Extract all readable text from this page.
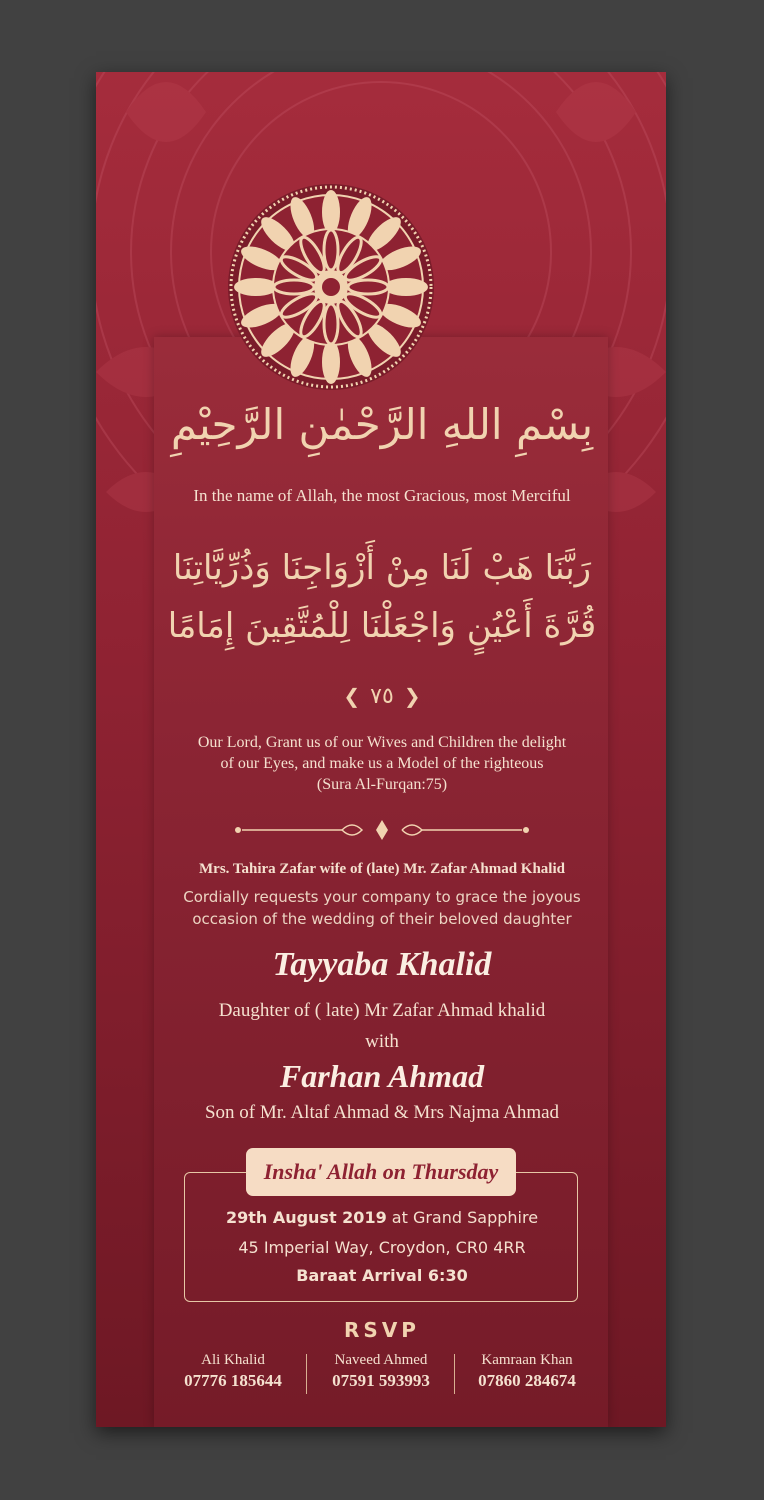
بِسْمِ اللهِ الرَّحْمٰنِ الرَّحِيْمِ
In the name of Allah, the most Gracious, most Merciful
رَبَّنَا هَبْ لَنَا مِنْ أَزْوَاجِنَا وَذُرِّيَّاتِنَا
قُرَّةَ أَعْيُنٍ وَاجْعَلْنَا لِلْمُتَّقِينَ إِمَامًا
❮ ٧٥ ❯
Our Lord, Grant us of our Wives and Children the delight
of our Eyes, and make us a Model of the righteous
(Sura Al-Furqan:75)
Mrs. Tahira Zafar wife of (late) Mr. Zafar Ahmad Khalid
Cordially requests your company to grace the joyous
occasion of the wedding of their beloved daughter
Tayyaba Khalid
Daughter of ( late) Mr Zafar Ahmad khalid
with
Farhan Ahmad
Son of Mr. Altaf Ahmad & Mrs Najma Ahmad
Insha' Allah on Thursday
29th August 2019 at Grand Sapphire
45 Imperial Way, Croydon, CR0 4RR
Baraat Arrival 6:30
RSVP
Ali Khalid
07776 185644
Naveed Ahmed
07591 593993
Kamraan Khan
07860 284674
